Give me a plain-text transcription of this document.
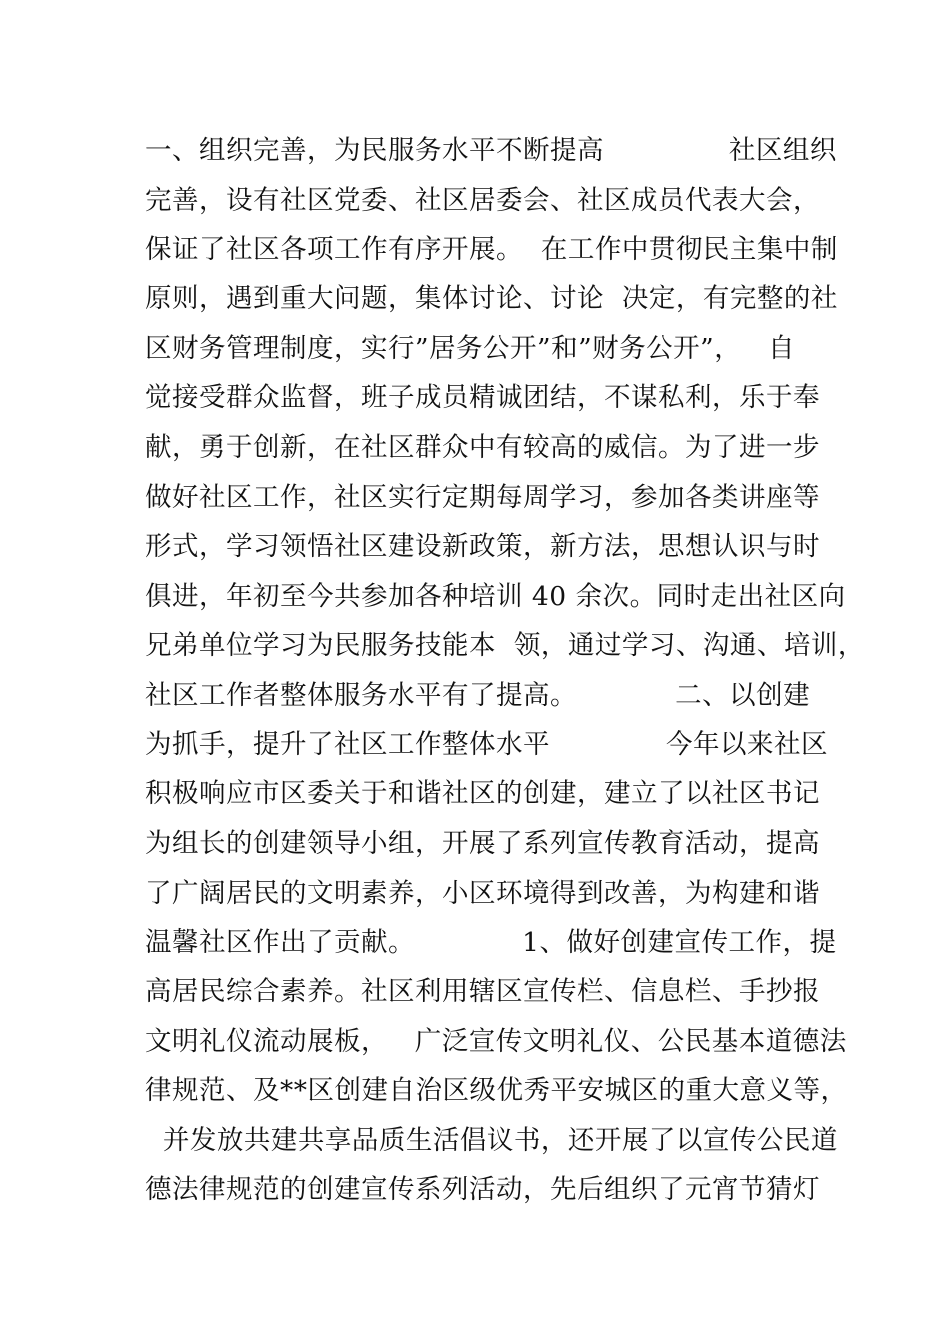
一、组织完善，为民服务水平不断提高              社区组织
完善，设有社区党委、社区居委会、社区成员代表大会，
保证了社区各项工作有序开展。  在工作中贯彻民主集中制
原则，遇到重大问题，集体讨论、讨论  决定，有完整的社
区财务管理制度，实行”居务公开”和”财务公开”，   自
觉接受群众监督，班子成员精诚团结，不谋私利，乐于奉
献，勇于创新，在社区群众中有较高的威信。为了进一步
做好社区工作，社区实行定期每周学习，参加各类讲座等
形式，学习领悟社区建设新政策，新方法，思想认识与时
俱进，年初至今共参加各种培训 40 余次。同时走出社区向
兄弟单位学习为民服务技能本  领，通过学习、沟通、培训，
社区工作者整体服务水平有了提高。           二、以创建
为抓手，提升了社区工作整体水平             今年以来社区
积极响应市区委关于和谐社区的创建，建立了以社区书记
为组长的创建领导小组，开展了系列宣传教育活动，提高
了广阔居民的文明素养，小区环境得到改善，为构建和谐
温馨社区作出了贡献。            1、做好创建宣传工作，提
高居民综合素养。社区利用辖区宣传栏、信息栏、手抄报
文明礼仪流动展板，   广泛宣传文明礼仪、公民基本道德法
律规范、及**区创建自治区级优秀平安城区的重大意义等，
并发放共建共享品质生活倡议书，还开展了以宣传公民道
德法律规范的创建宣传系列活动，先后组织了元宵节猜灯
